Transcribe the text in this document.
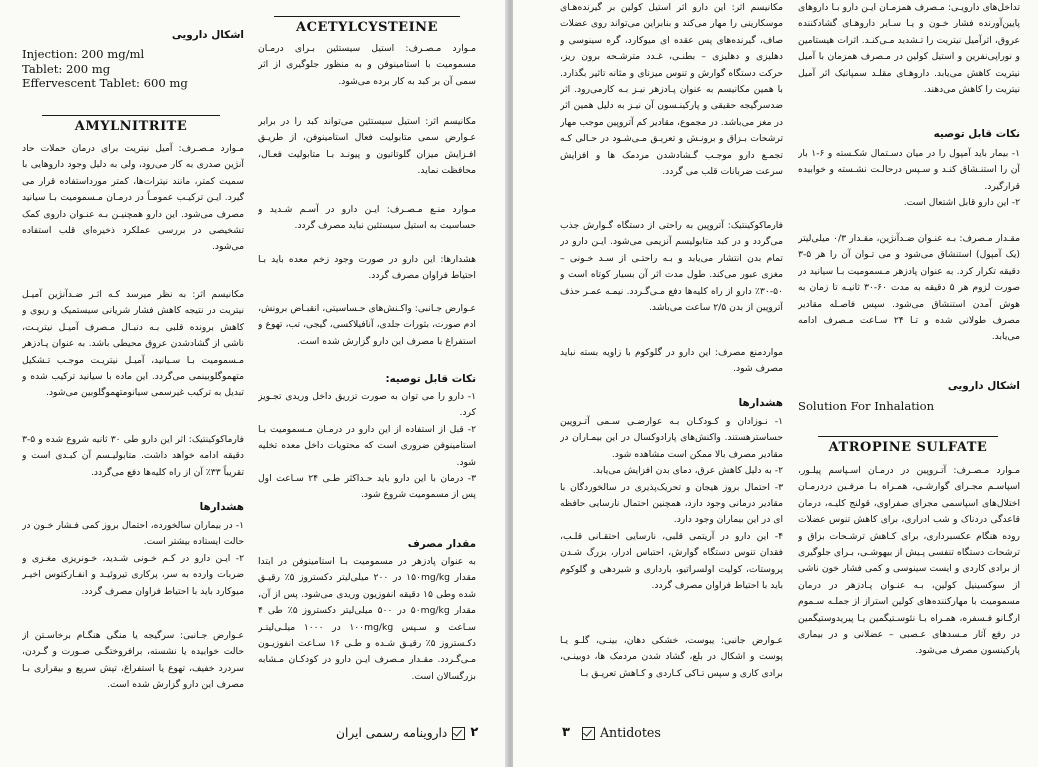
ACETYLCYSTEINE

مـوارد مـصـرف: استیل سیستئین بـرای درمـان مسمومیت با استامینوفن و به منظور جلوگیری از اثر سمی آن بر کبد به کار برده می‌شود.

مکانیسم اثر: استیل سیستئین می‌تواند کبد را در برابر عـوارض سمی متابولیت فعال استامینوفن، از طریـق افـزایش میزان گلوتاتیون و پیونـد بـا متابولیت فعـال، محافظت نماید.

مـوارد منـع مـصـرف: ایـن دارو در آسـم شـدید و حساسیت به استیل سیستئین نباید مصرف گردد.

هشدارها: این دارو در صورت وجود زخم معده باید بـا احتیاط فراوان مصرف گردد.

عـوارض جـانبی: واکـنش‌های حـساسیتی، انقبـاض برونش، ادم صورت، بثورات جلدی، آنافیلاکسی، گیجی، تب، تهوع و استفراغ با مصرف این دارو گزارش شده است.

نکات قابل توصیه:

۱- دارو را می توان به صورت تزریق داخل وریدی تجـویز کرد.

۲- قبل از استفاده از این دارو در درمـان مـسمومیت بـا استامینوفن ضروری است که محتویات داخل معده تخلیه شود.

۳- درمان با این دارو باید حـداکثر طـی ۲۴ سـاعت اول پس از مسمومیت شروع شود.

مقدار مصرف

به عنوان پادزهر در مسمومیت بـا استامینوفن در ابتدا مقدار ۱۵۰mg/kg در ۲۰۰ میلی‌لیتر دکستروز ۵٪ رقیـق شده وطی ۱۵ دقیقه انفوزیون وریدی می‌شود. پس از آن، مقدار ۵۰mg/kg در ۵۰۰ میلی‌لیتر دکستروز ۵٪ طی ۴ سـاعت و سـپس ۱۰۰mg/kg در ۱۰۰۰ میلـی‌لیتـر دکـستروز ۵٪ رقیـق شـده و طـی ۱۶ سـاعت انفوزیـون مـی‌گـردد. مقـدار مـصرف ایـن دارو در کودکـان مـشابه بزرگسالان است.

اشکال دارویی

Injection: 200 mg/ml

Tablet: 200 mg

Effervescent Tablet: 600 mg

AMYLNITRITE

مـوارد مـصـرف: آمیل نیتریت برای درمان حملات حاد آنژین صدری به کار می‌رود، ولی به دلیل وجود داروهایی با سمیت کمتر، مانند نیترات‌ها، کمتر مورداستفاده قرار می گیرد. ایـن ترکیـب عمومـاً در درمـان مـسمومیت بـا سیانید مصرف می‌شود. این دارو همچنیـن بـه عنـوان داروی کمک تشخیصی در بررسی عملکرد ذخیره‌ای قلب استفاده می‌شود.

مکانیسم اثر: به نظر میرسد کـه اثـر ضـدآنژین آمیـل نیتریت در نتیجه کاهش فشار شریانی سیستمیک و ریوی و کاهش برونده قلبی بـه دنبـال مـصرف آمیـل نیتریـت، ناشی از گشادشدن عروق محیطی باشد. به عنوان پـادزهر مـسمومیت بـا سـیانید، آمیـل نیتریـت موجـب تـشکیل متهموگلوبینمی می‌گردد. این ماده با سیانید ترکیب شده و تبدیل به ترکیب غیرسمی سیانومتهموگلوبین می‌شود.

فارماکوکینتیک: اثر این دارو طی ۳۰ ثانیه شروع شده و ۵-۳ دقیقه ادامه خواهد داشت. متابولیـسم آن کبـدی است و تقریباً ۳۳٪ آن از راه کلیه‌ها دفع می‌گردد.

هشدارها

۱- در بیماران سالخورده، احتمال بروز کمی فـشار خـون در حالت ایستاده بیشتر است.

۲- ایـن دارو در کـم خـونی شـدید، خـونریزی مغـزی و ضربات وارده به سر، پرکاری تیروئیـد و انفـارکتوس اخیـر میوکارد باید با احتیاط فراوان مصرف گردد.

عـوارض جـانبی: سرگیجه یا منگی هنگـام برخاسـتن از حالت خوابیده یا نشسته، برافروختگـی صـورت و گـردن، سردرد خفیف، تهوع یا استفراغ، تپش سریع و بیقراری بـا مصرف این دارو گزارش شده است.

داروینامه رسمی ایران ۲

تداخل‌های دارویـی: مـصرف همزمـان ایـن دارو بـا داروهای پایین‌آورنده فشار خـون و یـا سـایر داروهـای گشادکننده عروق، اثرآمیل نیتریت را تـشدید مـی‌کنـد. اثرات هیستامین و نوراپی‌نفرین و استیل کولین در مـصرف همزمان با آمیل نیتریت کاهش می‌یابد. داروهـای مقلـد سمپاتیک اثر آمیل نیتریت را کاهش می‌دهند.

نکات قابل توصیه

۱- بیمار باید آمپول را در میان دسـتمال شکـسته و ۶-۱ بار آن را استنـشاق کنـد و سـپس درحالـت نشـسته و خوابیده قرارگیرد.

۲- این دارو قابل اشتعال است.

مقـدار مـصرف: بـه عنـوان ضـدآنژین، مقـدار ۰/۳ میلی‌لیتر (یک آمپول) استنشاق می‌شود و می تـوان آن را هر ۵-۳ دقیقه تکرار کرد. به عنوان پادزهر مـسمومیت بـا سیانید در صورت لزوم هر ۵ دقیقه به مدت ۶۰-۳۰ ثانیـه تا زمان به هوش آمدن استنشاق می‌شود. سپس فاصـله مقادیر مصرف طولانی شده و تـا ۲۴ سـاعت مـصرف ادامه می‌یابد.

اشکال دارویی

Solution For Inhalation

ATROPINE SULFATE

مـوارد مـصـرف: آتـروپین در درمـان اسـپاسم پیلـور، اسپاسـم مجـرای گوارشـی، همـراه بـا مرفـین دردرمـان اختلال‌های اسپاسمی مجرای صفراوی، قولنج کلیـه، درمان قاعدگی دردناک و شب ادراری، برای کاهش تنوس عضلات روده هنگام عکسبرداری، برای کـاهش ترشـحات بزاق و ترشحات دستگاه تنفسی پـیش از بیهوشـی، بـرای جلوگیری از برادی کاردی و ایست سینوسی و کمی فشار خون ناشی از سوکسینیل کولین، بـه عنـوان پـادزهر در درمان مسمومیت با مهارکننده‌های کولین استراز از جملـه سـموم ارگـانو فـسفره، همـراه بـا نئوسـتیگمین یـا پیریدوستیگمین در رفع آثار مـسدهای عـصبی – عضلانی و در بیماری پارکینسون مصرف می‌شود.

مکانیسم اثر: این دارو اثر استیل کولین بر گیرنده‌هـای موسکارینی را مهار می‌کند و بنابراین می‌تواند روی عضلات صاف، گیرنده‌های پس عقده ای میوکارد، گره سینوسی و دهلیزی و دهلیزی – بطنـی، غـدد مترشـحه برون ریز، حرکت دستگاه گوارش و تنوس میزنای و مثانه تاثیر بگذارد. با همین مکانیسم به عنوان پـادزهر نیـز بـه کارمی‌رود. اثر ضدسرگیجه حقیقی و پارکینـسون آن نیـز به دلیل همین اثر در مغز می‌باشد. در مجموع، مقادیر کم آتروپین موجب مهار ترشحات بـزاق و برونـش و تعریـق مـی‌شـود در حـالی کـه تجمـع دارو موجـب گـشادشدن مردمک ها و افزایش سرعت ضربانات قلب می گردد.

فارماکوکینتیک: آتروپین به راحتی از دستگاه گـوارش جذب می‌گردد و در کبد متابولیسم آنزیمی می‌شود. ایـن دارو در تمام بدن انتشار می‌یابد و بـه راحتـی از سـد خـونی – مغزی عبور می‌کند. طول مدت اثر آن بسیار کوتاه است و ۵۰-۳۰٪ دارو از راه کلیه‌ها دفع مـی‌گـردد. نیمـه عمـر حذف آتروپین از بدن ۲/۵ ساعت می‌باشد.

مواردمنع مصرف: این دارو در گلوکوم با زاویه بسته نباید مصرف شود.

هشدارها

۱- نـوزادان و کـودکـان بـه عوارضـی سـمی آتـروپین حساسترهستند. واکنش‌های پارادوکسال در این بیمـاران در مقادیر مصرف بالا ممکن است مشاهده شود.

۲- به دلیل کاهش عرق، دمای بدن افزایش می‌یابد.

۳- احتمال بروز هیجان و تحریک‌پذیری در سالخوردگان با مقادیر درمانی وجود دارد، همچنین احتمال نارسایی حافظه ای در این بیماران وجود دارد.

۴- این دارو در آریتمی قلبی، نارسایی احتقـانی قلـب، فقدان تنوس دستگاه گوارش، احتباس ادرار، بزرگ شـدن پروستات، کولیت اولسراتیو، بارداری و شیردهی و گلوکوم باید با احتیاط فراوان مصرف گردد.

عـوارض جانبی: یبوست، خشکی دهان، بینـی، گلـو یـا پوست و اشکال در بلع، گشاد شدن مردمک ها، دوبینـی، برادی کاری و سپس تـاکی کـاردی و کـاهش تعریـق بـا

۳ Antidotes
